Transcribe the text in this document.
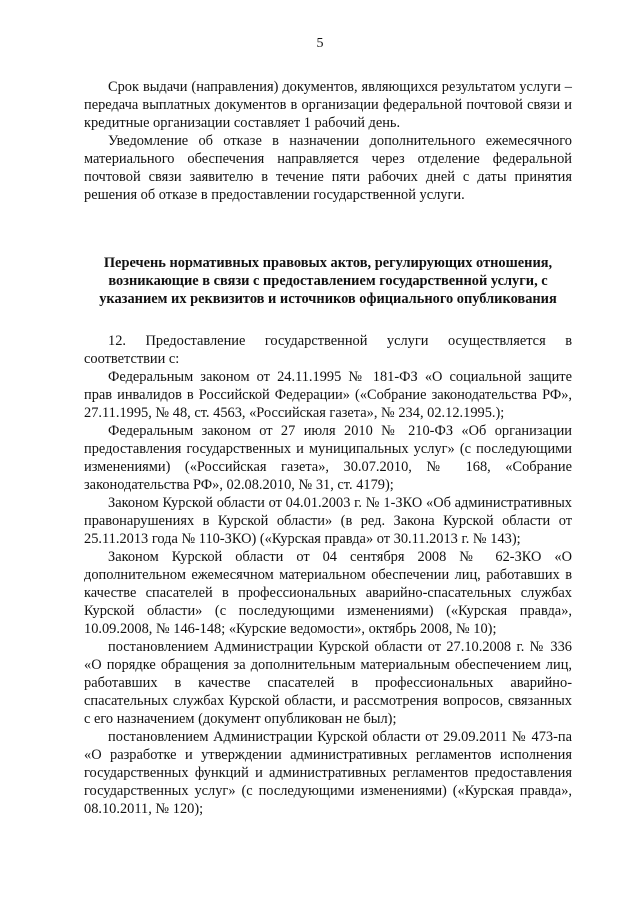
5

Срок выдачи (направления) документов, являющихся результатом услуги – передача выплатных документов в организации федеральной почтовой связи и кредитные организации составляет 1 рабочий день.

Уведомление об отказе в назначении дополнительного ежемесячного материального обеспечения направляется через отделение федеральной почтовой связи заявителю в течение пяти рабочих дней с даты принятия решения об отказе в предоставлении государственной услуги.

Перечень нормативных правовых актов, регулирующих отношения, возникающие в связи с предоставлением государственной услуги, с указанием их реквизитов и источников официального опубликования

12. Предоставление государственной услуги осуществляется в соответствии с:

Федеральным законом от 24.11.1995 № 181-ФЗ «О социальной защите прав инвалидов в Российской Федерации» («Собрание законодательства РФ», 27.11.1995, № 48, ст. 4563, «Российская газета», № 234, 02.12.1995.);

Федеральным законом от 27 июля 2010 № 210-ФЗ «Об организации предоставления государственных и муниципальных услуг» (с последующими изменениями) («Российская газета», 30.07.2010, № 168, «Собрание законодательства РФ», 02.08.2010, № 31, ст. 4179);

Законом Курской области от 04.01.2003 г. № 1-ЗКО «Об административных правонарушениях в Курской области» (в ред. Закона Курской области от 25.11.2013 года № 110-ЗКО) («Курская правда» от 30.11.2013 г. № 143);

Законом Курской области от 04 сентября 2008 № 62-ЗКО «О дополнительном ежемесячном материальном обеспечении лиц, работавших в качестве спасателей в профессиональных аварийно-спасательных службах Курской области» (с последующими изменениями) («Курская правда», 10.09.2008, № 146-148; «Курские ведомости», октябрь 2008, № 10);

постановлением Администрации Курской области от 27.10.2008 г. № 336 «О порядке обращения за дополнительным материальным обеспечением лиц, работавших в качестве спасателей в профессиональных аварийно-спасательных службах Курской области, и рассмотрения вопросов, связанных с его назначением (документ опубликован не был);

постановлением Администрации Курской области от 29.09.2011 № 473-па «О разработке и утверждении административных регламентов исполнения государственных функций и административных регламентов предоставления государственных услуг» (с последующими изменениями) («Курская правда», 08.10.2011, № 120);
